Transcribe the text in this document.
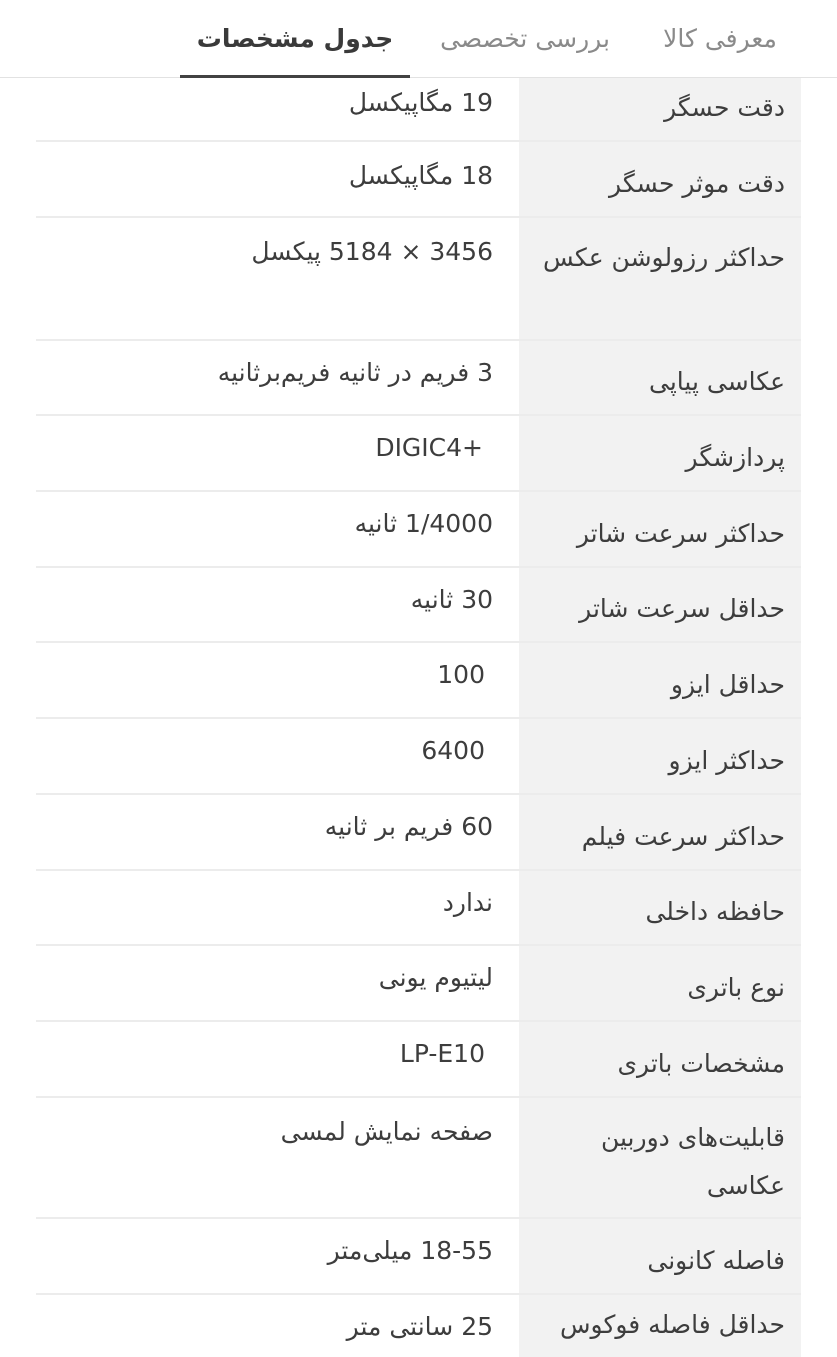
معرفی کالا
بررسی تخصصی
جدول مشخصات
دقت حسگر
19 مگاپیکسل
دقت موثر حسگر
18 مگاپیکسل
حداکثر رزولوشن عکس
3456 × 5184 پیکسل
عکاسی پیاپی
3 فریم در ثانیه فریم‌برثانیه
پردازشگر
DIGIC4+
حداکثر سرعت شاتر
1/4000 ثانیه
حداقل سرعت شاتر
30 ثانیه
حداقل ایزو
100
حداکثر ایزو
6400
حداکثر سرعت فیلم
60 فریم بر ثانیه
حافظه داخلی
ندارد
نوع باتری
لیتیوم یونی
مشخصات باتری
LP-E10
قابلیت‌های دوربین عکاسی
صفحه نمایش لمسی
فاصله کانونی
18-55 میلی‌متر
حداقل فاصله فوکوس
25 سانتی متر
